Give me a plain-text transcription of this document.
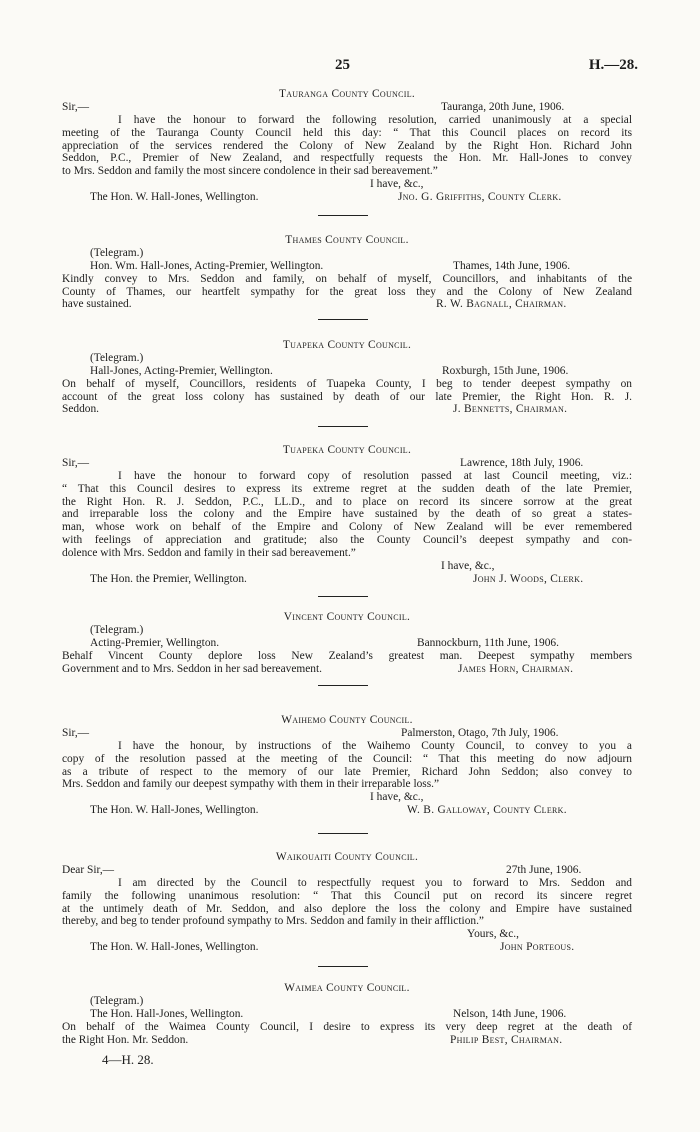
25	H.—28.
Tauranga County Council.
Sir,—	Tauranga, 20th June, 1906.
I have the honour to forward the following resolution, carried unanimously at a special
meeting of the Tauranga County Council held this day: “ That this Council places on record its
appreciation of the services rendered the Colony of New Zealand by the Right Hon. Richard John
Seddon, P.C., Premier of New Zealand, and respectfully requests the Hon. Mr. Hall-Jones to convey
to Mrs. Seddon and family the most sincere condolence in their sad bereavement.”
I have, &c.,
The Hon. W. Hall-Jones, Wellington.	Jno. G. Griffiths, County Clerk.
Thames County Council.
(Telegram.)
Hon. Wm. Hall-Jones, Acting-Premier, Wellington.	Thames, 14th June, 1906.
Kindly convey to Mrs. Seddon and family, on behalf of myself, Councillors, and inhabitants of the
County of Thames, our heartfelt sympathy for the great loss they and the Colony of New Zealand
have sustained.	R. W. Bagnall, Chairman.
Tuapeka County Council.
(Telegram.)
Hall-Jones, Acting-Premier, Wellington.	Roxburgh, 15th June, 1906.
On behalf of myself, Councillors, residents of Tuapeka County, I beg to tender deepest sympathy on
account of the great loss colony has sustained by death of our late Premier, the Right Hon. R. J.
Seddon.	J. Bennetts, Chairman.
Tuapeka County Council.
Sir,—	Lawrence, 18th July, 1906.
I have the honour to forward copy of resolution passed at last Council meeting, viz.:
“ That this Council desires to express its extreme regret at the sudden death of the late Premier,
the Right Hon. R. J. Seddon, P.C., LL.D., and to place on record its sincere sorrow at the great
and irreparable loss the colony and the Empire have sustained by the death of so great a states-
man, whose work on behalf of the Empire and Colony of New Zealand will be ever remembered
with feelings of appreciation and gratitude; also the County Council’s deepest sympathy and con-
dolence with Mrs. Seddon and family in their sad bereavement.”
I have, &c.,
The Hon. the Premier, Wellington.	John J. Woods, Clerk.
Vincent County Council.
(Telegram.)
Acting-Premier, Wellington.	Bannockburn, 11th June, 1906.
Behalf Vincent County deplore loss New Zealand’s greatest man. Deepest sympathy members
Government and to Mrs. Seddon in her sad bereavement.	James Horn, Chairman.
Waihemo County Council.
Sir,—	Palmerston, Otago, 7th July, 1906.
I have the honour, by instructions of the Waihemo County Council, to convey to you a
copy of the resolution passed at the meeting of the Council: “ That this meeting do now adjourn
as a tribute of respect to the memory of our late Premier, Richard John Seddon; also convey to
Mrs. Seddon and family our deepest sympathy with them in their irreparable loss.”
I have, &c.,
The Hon. W. Hall-Jones, Wellington.	W. B. Galloway, County Clerk.
Waikouaiti County Council.
Dear Sir,—	27th June, 1906.
I am directed by the Council to respectfully request you to forward to Mrs. Seddon and
family the following unanimous resolution: “ That this Council put on record its sincere regret
at the untimely death of Mr. Seddon, and also deplore the loss the colony and Empire have sustained
thereby, and beg to tender profound sympathy to Mrs. Seddon and family in their affliction.”
Yours, &c.,
The Hon. W. Hall-Jones, Wellington.	John Porteous.
Waimea County Council.
(Telegram.)
The Hon. Hall-Jones, Wellington.	Nelson, 14th June, 1906.
On behalf of the Waimea County Council, I desire to express its very deep regret at the death of
the Right Hon. Mr. Seddon.	Philip Best, Chairman.
4—H. 28.
